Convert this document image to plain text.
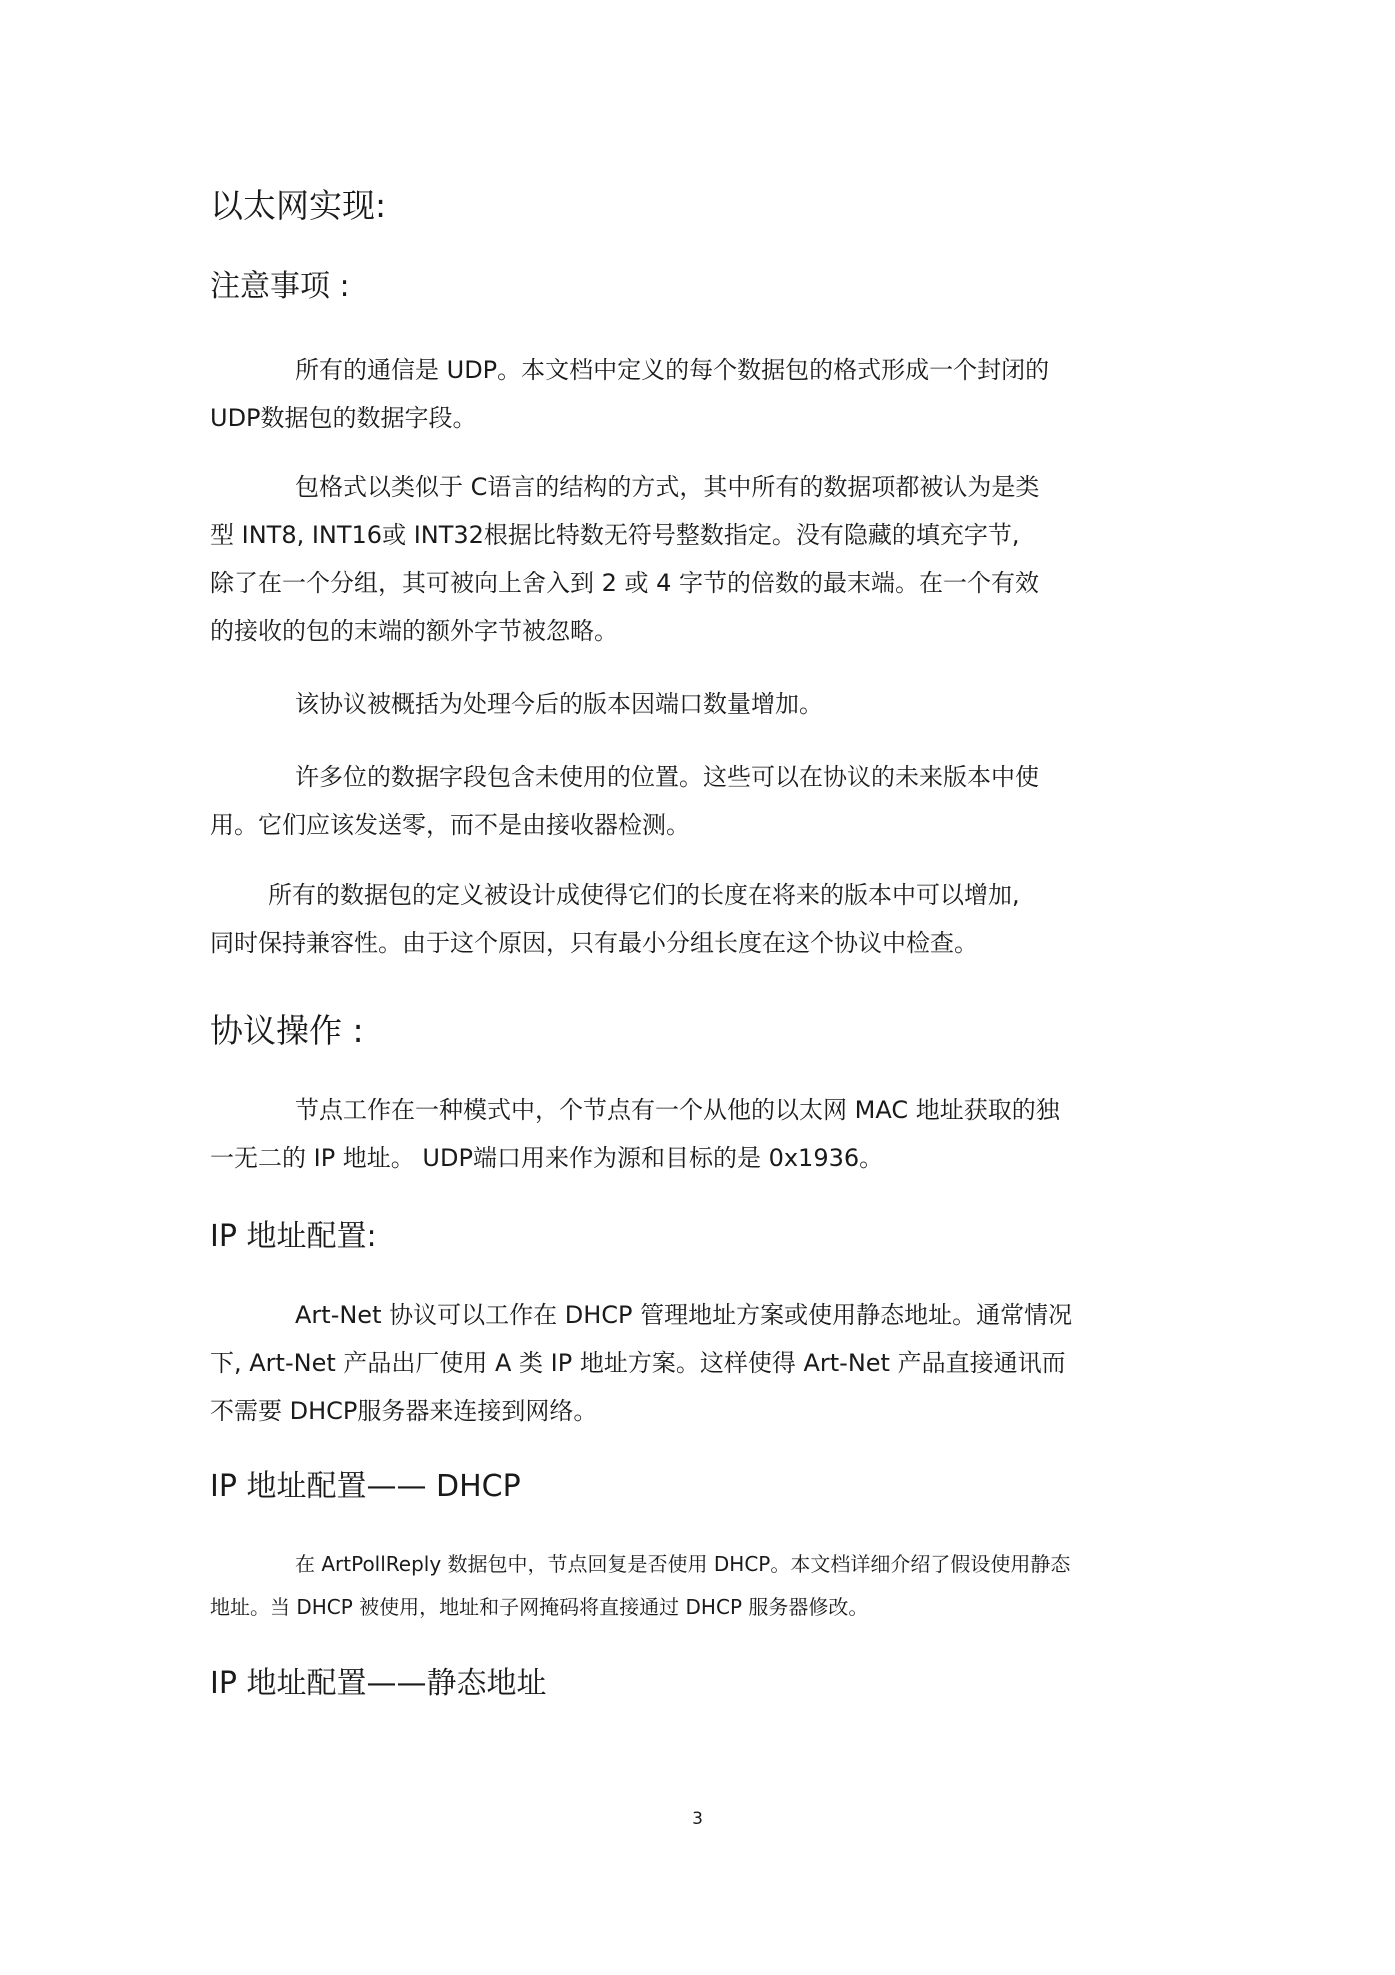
以太网实现:
注意事项 :
所有的通信是 UDP。本文档中定义的每个数据包的格式形成一个封闭的
UDP数据包的数据字段。
包格式以类似于 C语言的结构的方式，其中所有的数据项都被认为是类
型 INT8, INT16或 INT32根据比特数无符号整数指定。没有隐藏的填充字节,
除了在一个分组，其可被向上舍入到 2 或 4 字节的倍数的最末端。在一个有效
的接收的包的末端的额外字节被忽略。
该协议被概括为处理今后的版本因端口数量增加。
许多位的数据字段包含未使用的位置。这些可以在协议的未来版本中使
用。它们应该发送零，而不是由接收器检测。
所有的数据包的定义被设计成使得它们的长度在将来的版本中可以增加,
同时保持兼容性。由于这个原因，只有最小分组长度在这个协议中检查。
协议操作 :
节点工作在一种模式中，个节点有一个从他的以太网 MAC 地址获取的独
一无二的 IP 地址。 UDP端口用来作为源和目标的是 0x1936。
IP 地址配置:
Art-Net 协议可以工作在 DHCP 管理地址方案或使用静态地址。通常情况
下, Art-Net 产品出厂使用 A 类 IP 地址方案。这样使得 Art-Net 产品直接通讯而
不需要 DHCP服务器来连接到网络。
IP 地址配置—— DHCP
在 ArtPollReply 数据包中，节点回复是否使用 DHCP。本文档详细介绍了假设使用静态
地址。当 DHCP 被使用，地址和子网掩码将直接通过 DHCP 服务器修改。
IP 地址配置——静态地址
3
